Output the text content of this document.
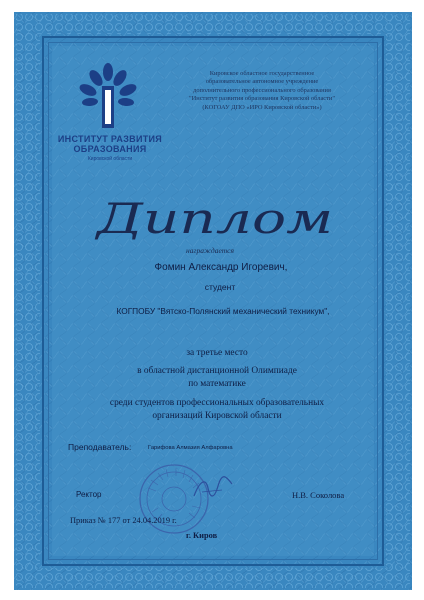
ИНСТИТУТ РАЗВИТИЯ
ОБРАЗОВАНИЯ
Кировской области
Кировское областное государственное
образовательное автономное учреждение
дополнительного профессионального образования
"Институт развития образования Кировской области"
(КОГОАУ ДПО «ИРО Кировской области»)
Диплом
награждается
Фомин Александр Игоревич,
студент
КОГПОБУ "Вятско-Полянский механический техникум",
за третье место
в областной дистанционной Олимпиаде
по математике
среди студентов профессиональных образовательных
организаций Кировской области
Преподаватель:	Гарифова Алмазия Алфаровна
Ректор	Н.В. Соколова
Приказ № 177 от 24.04.2019 г.
г. Киров
